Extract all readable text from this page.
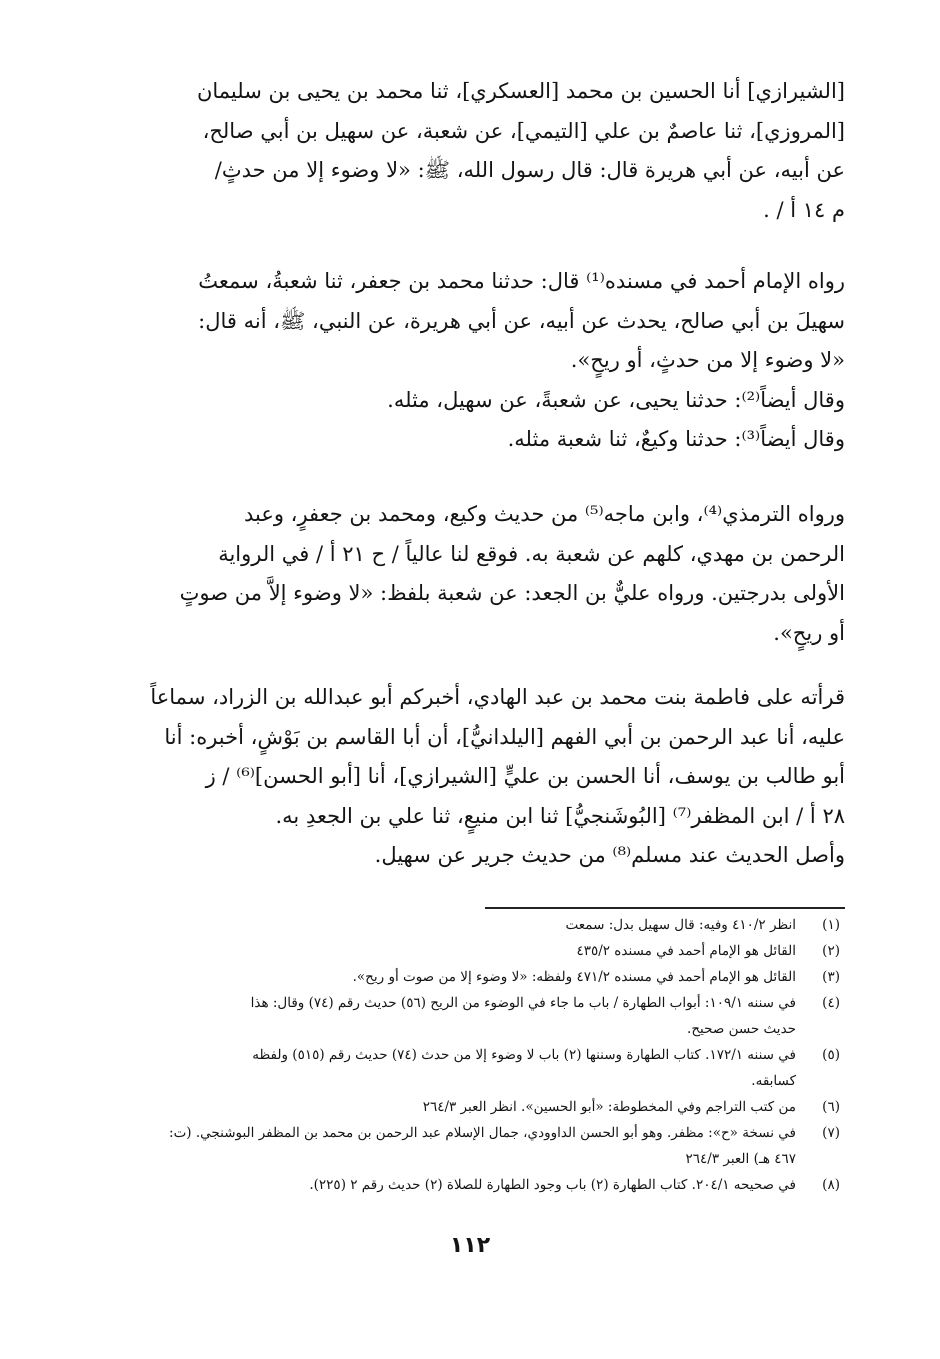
[الشيرازي] أنا الحسين بن محمد [العسكري]، ثنا محمد بن يحيى بن سليمان
[المروزي]، ثنا عاصمٌ بن علي [التيمي]، عن شعبة، عن سهيل بن أبي صالح،
عن أبيه، عن أبي هريرة قال: قال رسول الله، ﷺ: «لا وضوء إلا من حدثٍ/
م ١٤ أ / .
رواه الإمام أحمد في مسنده⁽¹⁾ قال: حدثنا محمد بن جعفر، ثنا شعبةُ، سمعتُ
سهيلَ بن أبي صالح، يحدث عن أبيه، عن أبي هريرة، عن النبي، ﷺ، أنه قال:
«لا وضوء إلا من حدثٍ، أو ريحٍ».
وقال أيضاً⁽²⁾: حدثنا يحيى، عن شعبةً، عن سهيل، مثله.
وقال أيضاً⁽³⁾: حدثنا وكيعٌ، ثنا شعبة مثله.
ورواه الترمذي⁽⁴⁾، وابن ماجه⁽⁵⁾ من حديث وكيع، ومحمد بن جعفرٍ، وعبد
الرحمن بن مهدي، كلهم عن شعبة به. فوقع لنا عالياً / ح ٢١ أ / في الرواية
الأولى بدرجتين. ورواه عليٌّ بن الجعد: عن شعبة بلفظ: «لا وضوء إلاَّ من صوتٍ
أو ريحٍ».
قرأته على فاطمة بنت محمد بن عبد الهادي، أخبركم أبو عبدالله بن الزراد، سماعاً
عليه، أنا عبد الرحمن بن أبي الفهم [اليلدانيُّ]، أن أبا القاسم بن بَوْشٍ، أخبره: أنا
أبو طالب بن يوسف، أنا الحسن بن عليٍّ [الشيرازي]، أنا [أبو الحسن]⁽⁶⁾ / ز
٢٨ أ / ابن المظفر⁽⁷⁾ [البُوشَنجيُّ] ثنا ابن منيعٍ، ثنا علي بن الجعدِ به.
وأصل الحديث عند مسلم⁽⁸⁾ من حديث جرير عن سهيل.
(١)انظر ٤١٠/٢ وفيه: قال سهيل بدل: سمعت
(٢)القائل هو الإمام أحمد في مسنده ٤٣٥/٢
(٣)القائل هو الإمام أحمد في مسنده ٤٧١/٢ ولفظه: «لا وضوء إلا من صوت أو ريح».
(٤)في سننه ١٠٩/١: أبواب الطهارة / باب ما جاء في الوضوء من الريح (٥٦) حديث رقم (٧٤) وقال: هذا
حديث حسن صحيح.
(٥)في سننه ١٧٢/١. كتاب الطهارة وسننها (٢) باب لا وضوء إلا من حدث (٧٤) حديث رقم (٥١٥) ولفظه
كسابقه.
(٦)من كتب التراجم وفي المخطوطة: «أبو الحسين». انظر العبر ٢٦٤/٣
(٧)في نسخة «ح»: مظفر. وهو أبو الحسن الداوودي، جمال الإسلام عبد الرحمن بن محمد بن المظفر البوشنجي. (ت:
٤٦٧ هـ) العبر ٢٦٤/٣
(٨)في صحيحه ٢٠٤/١. كتاب الطهارة (٢) باب وجود الطهارة للصلاة (٢) حديث رقم ٢ (٢٢٥).
١١٢
